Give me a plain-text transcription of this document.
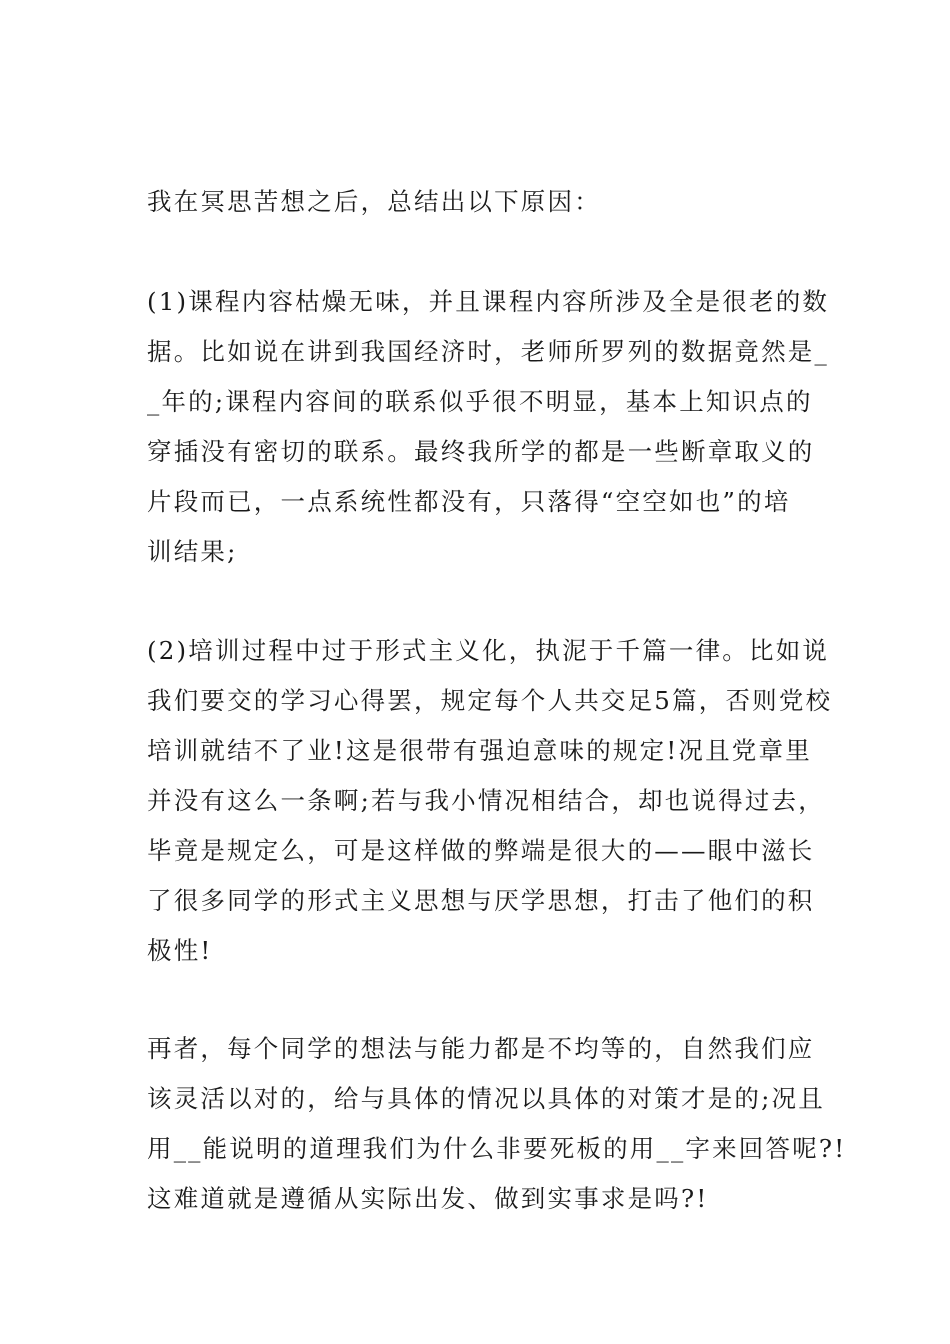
我在冥思苦想之后，总结出以下原因：
(1)课程内容枯燥无味，并且课程内容所涉及全是很老的数
据。比如说在讲到我国经济时，老师所罗列的数据竟然是_
_年的;课程内容间的联系似乎很不明显，基本上知识点的
穿插没有密切的联系。最终我所学的都是一些断章取义的
片段而已，一点系统性都没有，只落得“空空如也”的培
训结果;
(2)培训过程中过于形式主义化，执泥于千篇一律。比如说
我们要交的学习心得罢，规定每个人共交足5篇，否则党校
培训就结不了业!这是很带有强迫意味的规定!况且党章里
并没有这么一条啊;若与我小情况相结合，却也说得过去，
毕竟是规定么，可是这样做的弊端是很大的——眼中滋长
了很多同学的形式主义思想与厌学思想，打击了他们的积
极性!
再者，每个同学的想法与能力都是不均等的，自然我们应
该灵活以对的，给与具体的情况以具体的对策才是的;况且
用__能说明的道理我们为什么非要死板的用__字来回答呢?!
这难道就是遵循从实际出发、做到实事求是吗?!
